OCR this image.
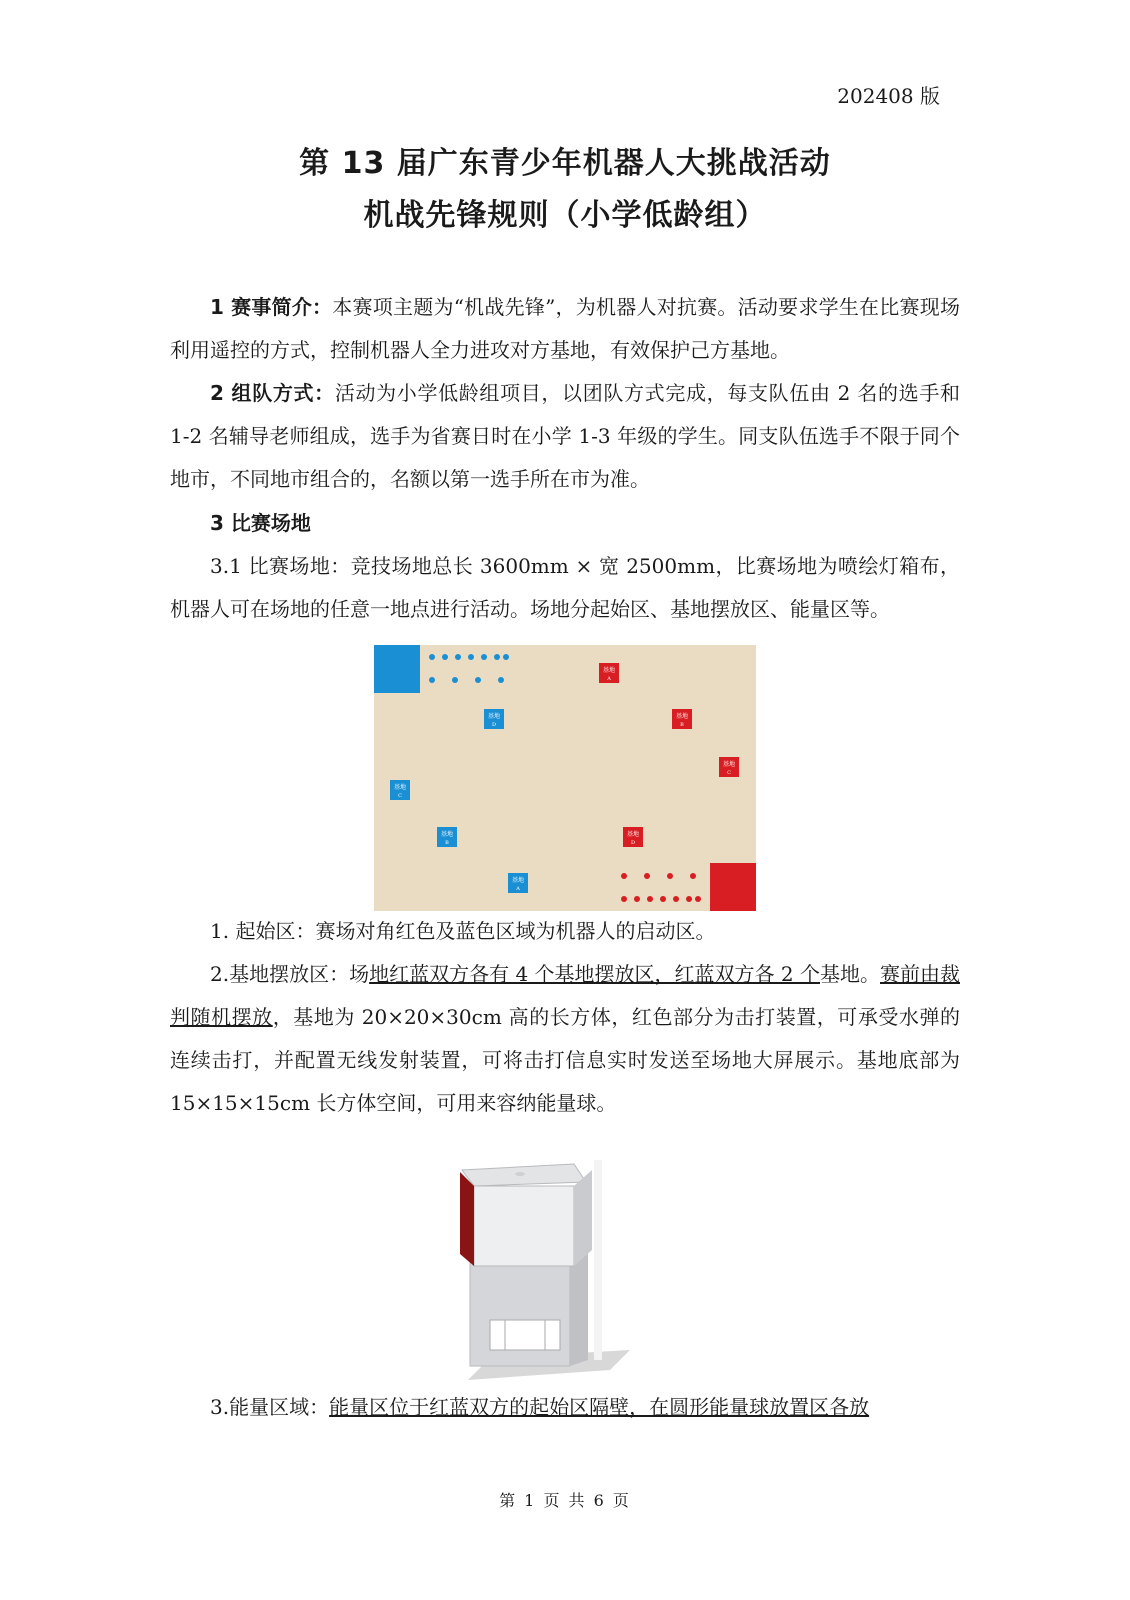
202408 版
第 13 届广东青少年机器人大挑战活动
机战先锋规则（小学低龄组）
1 赛事简介：本赛项主题为“机战先锋”，为机器人对抗赛。活动要求学生在比赛现场利用遥控的方式，控制机器人全力进攻对方基地，有效保护己方基地。
2 组队方式：活动为小学低龄组项目，以团队方式完成，每支队伍由 2 名的选手和 1-2 名辅导老师组成，选手为省赛日时在小学 1-3 年级的学生。同支队伍选手不限于同个地市，不同地市组合的，名额以第一选手所在市为准。
3 比赛场地
3.1 比赛场地：竞技场地总长 3600mm × 宽 2500mm，比赛场地为喷绘灯箱布，机器人可在场地的任意一地点进行活动。场地分起始区、基地摆放区、能量区等。
基地
D
基地
C
基地
B
基地
A
基地
A
基地
B
基地
C
基地
D
1. 起始区：赛场对角红色及蓝色区域为机器人的启动区。
2.基地摆放区：场地红蓝双方各有 4 个基地摆放区，红蓝双方各 2 个基地。赛前由裁判随机摆放，基地为 20×20×30cm 高的长方体，红色部分为击打装置，可承受水弹的连续击打，并配置无线发射装置，可将击打信息实时发送至场地大屏展示。基地底部为 15×15×15cm 长方体空间，可用来容纳能量球。
3.能量区域：能量区位于红蓝双方的起始区隔壁，在圆形能量球放置区各放
第 1 页 共 6 页
